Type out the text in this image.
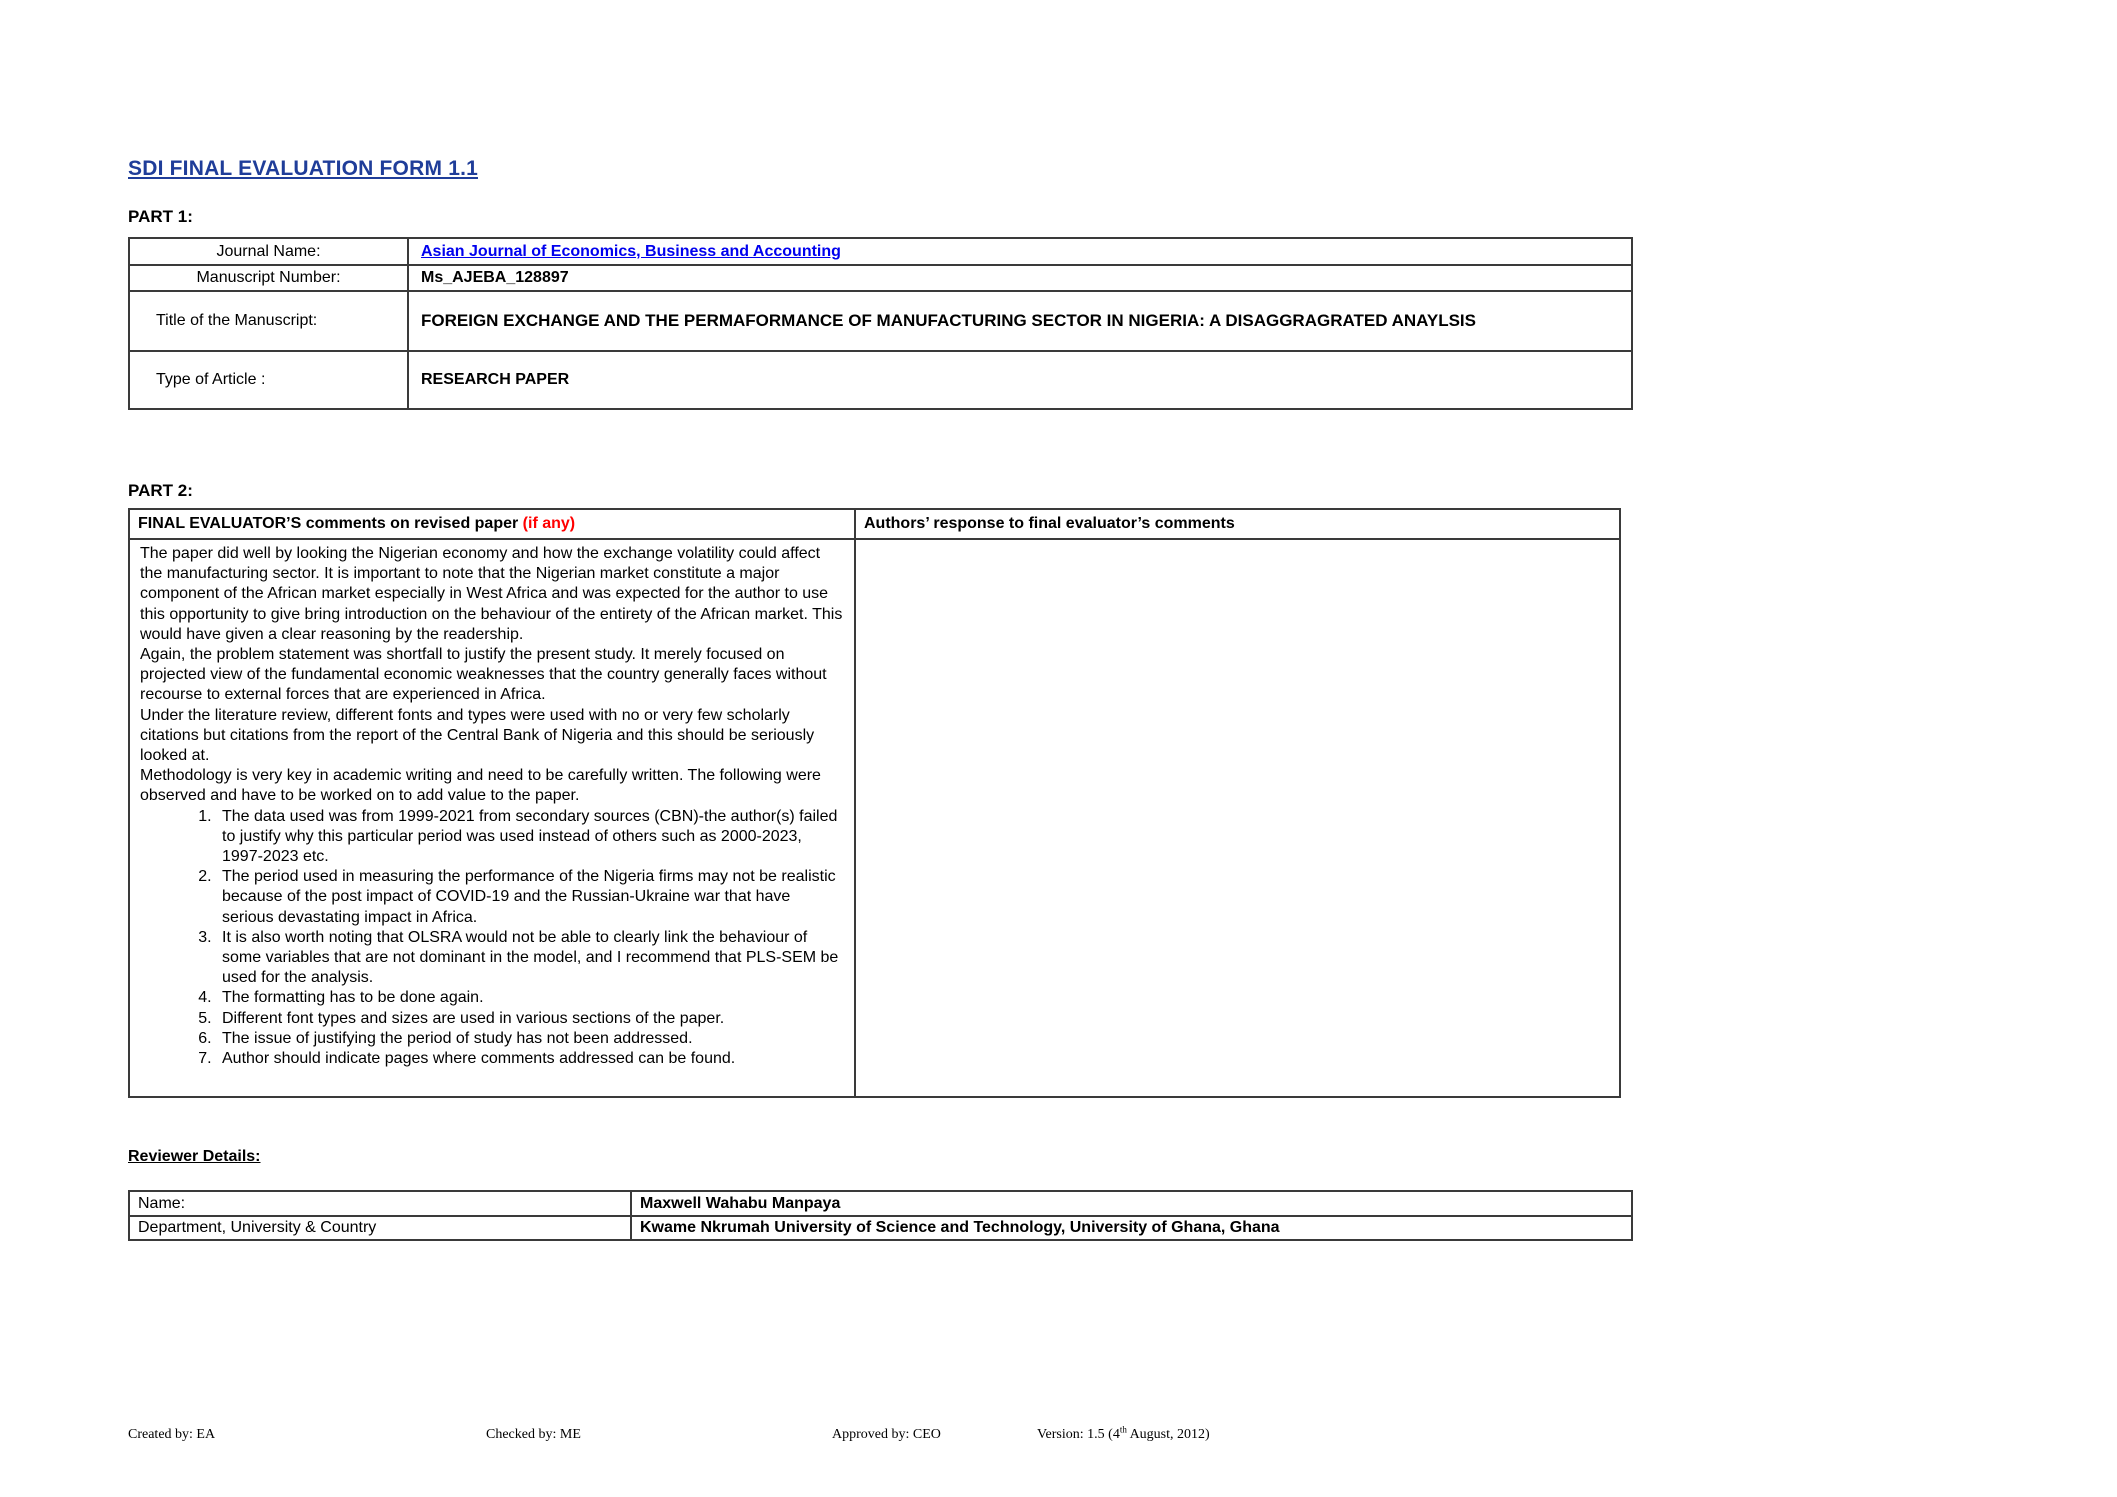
SDI FINAL EVALUATION FORM 1.1
PART 1:
Journal Name:	Asian Journal of Economics, Business and Accounting
Manuscript Number:	Ms_AJEBA_128897
Title of the Manuscript:	FOREIGN EXCHANGE AND THE PERMAFORMANCE OF MANUFACTURING SECTOR IN NIGERIA: A DISAGGRAGRATED ANAYLSIS
Type of Article :	RESEARCH PAPER
PART 2:
FINAL EVALUATOR’S comments on revised paper (if any)	Authors’ response to final evaluator’s comments

The paper did well by looking the Nigerian economy and how the exchange volatility could affect the manufacturing sector. It is important to note that the Nigerian market constitute a major component of the African market especially in West Africa and was expected for the author to use this opportunity to give bring introduction on the behaviour of the entirety of the African market. This would have given a clear reasoning by the readership.

Again, the problem statement was shortfall to justify the present study. It merely focused on projected view of the fundamental economic weaknesses that the country generally faces without recourse to external forces that are experienced in Africa.

Under the literature review, different fonts and types were used with no or very few scholarly citations but citations from the report of the Central Bank of Nigeria and this should be seriously looked at.

Methodology is very key in academic writing and need to be carefully written. The following were observed and have to be worked on to add value to the paper.

1. The data used was from 1999-2021 from secondary sources (CBN)-the author(s) failed to justify why this particular period was used instead of others such as 2000-2023, 1997-2023 etc.
2. The period used in measuring the performance of the Nigeria firms may not be realistic because of the post impact of COVID-19 and the Russian-Ukraine war that have serious devastating impact in Africa.
3. It is also worth noting that OLSRA would not be able to clearly link the behaviour of some variables that are not dominant in the model, and I recommend that PLS-SEM be used for the analysis.
4. The formatting has to be done again.
5. Different font types and sizes are used in various sections of the paper.
6. The issue of justifying the period of study has not been addressed.
7. Author should indicate pages where comments addressed can be found.

Reviewer Details:
Name:	Maxwell Wahabu Manpaya
Department, University & Country	Kwame Nkrumah University of Science and Technology, University of Ghana, Ghana
Created by: EA	Checked by: ME	Approved by: CEO	Version: 1.5 (4th August, 2012)
